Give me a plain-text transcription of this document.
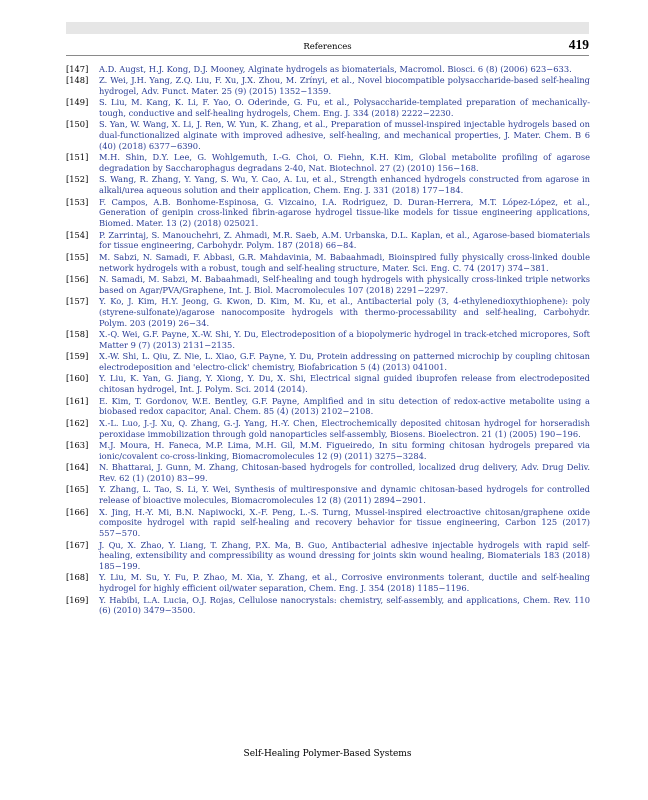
References	419
[147] A.D. Augst, H.J. Kong, D.J. Mooney, Alginate hydrogels as biomaterials, Macromol. Biosci. 6 (8) (2006) 623−633.
[148] Z. Wei, J.H. Yang, Z.Q. Liu, F. Xu, J.X. Zhou, M. Zrínyi, et al., Novel biocompatible polysaccharide-based self-healing hydrogel, Adv. Funct. Mater. 25 (9) (2015) 1352−1359.
[149] S. Liu, M. Kang, K. Li, F. Yao, O. Oderinde, G. Fu, et al., Polysaccharide-templated preparation of mechanically-tough, conductive and self-healing hydrogels, Chem. Eng. J. 334 (2018) 2222−2230.
[150] S. Yan, W. Wang, X. Li, J. Ren, W. Yun, K. Zhang, et al., Preparation of mussel-inspired injectable hydrogels based on dual-functionalized alginate with improved adhesive, self-healing, and mechanical properties, J. Mater. Chem. B 6 (40) (2018) 6377−6390.
[151] M.H. Shin, D.Y. Lee, G. Wohlgemuth, I.-G. Choi, O. Fiehn, K.H. Kim, Global metabolite profiling of agarose degradation by Saccharophagus degradans 2-40, Nat. Biotechnol. 27 (2) (2010) 156−168.
[152] S. Wang, R. Zhang, Y. Yang, S. Wu, Y. Cao, A. Lu, et al., Strength enhanced hydrogels constructed from agarose in alkali/urea aqueous solution and their application, Chem. Eng. J. 331 (2018) 177−184.
[153] F. Campos, A.B. Bonhome-Espinosa, G. Vizcaino, I.A. Rodriguez, D. Duran-Herrera, M.T. López-López, et al., Generation of genipin cross-linked fibrin-agarose hydrogel tissue-like models for tissue engineering applications, Biomed. Mater. 13 (2) (2018) 025021.
[154] P. Zarrintaj, S. Manouchehri, Z. Ahmadi, M.R. Saeb, A.M. Urbanska, D.L. Kaplan, et al., Agarose-based biomaterials for tissue engineering, Carbohydr. Polym. 187 (2018) 66−84.
[155] M. Sabzi, N. Samadi, F. Abbasi, G.R. Mahdavinia, M. Babaahmadi, Bioinspired fully physically cross-linked double network hydrogels with a robust, tough and self-healing structure, Mater. Sci. Eng. C. 74 (2017) 374−381.
[156] N. Samadi, M. Sabzi, M. Babaahmadi, Self-healing and tough hydrogels with physically cross-linked triple networks based on Agar/PVA/Graphene, Int. J. Biol. Macromolecules 107 (2018) 2291−2297.
[157] Y. Ko, J. Kim, H.Y. Jeong, G. Kwon, D. Kim, M. Ku, et al., Antibacterial poly (3, 4-ethylenedioxythiophene): poly (styrene-sulfonate)/agarose nanocomposite hydrogels with thermo-processability and self-healing, Carbohydr. Polym. 203 (2019) 26−34.
[158] X.-Q. Wei, G.F. Payne, X.-W. Shi, Y. Du, Electrodeposition of a biopolymeric hydrogel in track-etched micropores, Soft Matter 9 (7) (2013) 2131−2135.
[159] X.-W. Shi, L. Qiu, Z. Nie, L. Xiao, G.F. Payne, Y. Du, Protein addressing on patterned microchip by coupling chitosan electrodeposition and 'electro-click' chemistry, Biofabrication 5 (4) (2013) 041001.
[160] Y. Liu, K. Yan, G. Jiang, Y. Xiong, Y. Du, X. Shi, Electrical signal guided ibuprofen release from electrodeposited chitosan hydrogel, Int. J. Polym. Sci. 2014 (2014).
[161] E. Kim, T. Gordonov, W.E. Bentley, G.F. Payne, Amplified and in situ detection of redox-active metabolite using a biobased redox capacitor, Anal. Chem. 85 (4) (2013) 2102−2108.
[162] X.-L. Luo, J.-J. Xu, Q. Zhang, G.-J. Yang, H.-Y. Chen, Electrochemically deposited chitosan hydrogel for horseradish peroxidase immobilization through gold nanoparticles self-assembly, Biosens. Bioelectron. 21 (1) (2005) 190−196.
[163] M.J. Moura, H. Faneca, M.P. Lima, M.H. Gil, M.M. Figueiredo, In situ forming chitosan hydrogels prepared via ionic/covalent co-cross-linking, Biomacromolecules 12 (9) (2011) 3275−3284.
[164] N. Bhattarai, J. Gunn, M. Zhang, Chitosan-based hydrogels for controlled, localized drug delivery, Adv. Drug Deliv. Rev. 62 (1) (2010) 83−99.
[165] Y. Zhang, L. Tao, S. Li, Y. Wei, Synthesis of multiresponsive and dynamic chitosan-based hydrogels for controlled release of bioactive molecules, Biomacromolecules 12 (8) (2011) 2894−2901.
[166] X. Jing, H.-Y. Mi, B.N. Napiwocki, X.-F. Peng, L.-S. Turng, Mussel-inspired electroactive chitosan/graphene oxide composite hydrogel with rapid self-healing and recovery behavior for tissue engineering, Carbon 125 (2017) 557−570.
[167] J. Qu, X. Zhao, Y. Liang, T. Zhang, P.X. Ma, B. Guo, Antibacterial adhesive injectable hydrogels with rapid self-healing, extensibility and compressibility as wound dressing for joints skin wound healing, Biomaterials 183 (2018) 185−199.
[168] Y. Liu, M. Su, Y. Fu, P. Zhao, M. Xia, Y. Zhang, et al., Corrosive environments tolerant, ductile and self-healing hydrogel for highly efficient oil/water separation, Chem. Eng. J. 354 (2018) 1185−1196.
[169] Y. Habibi, L.A. Lucia, O.J. Rojas, Cellulose nanocrystals: chemistry, self-assembly, and applications, Chem. Rev. 110 (6) (2010) 3479−3500.
Self-Healing Polymer-Based Systems
